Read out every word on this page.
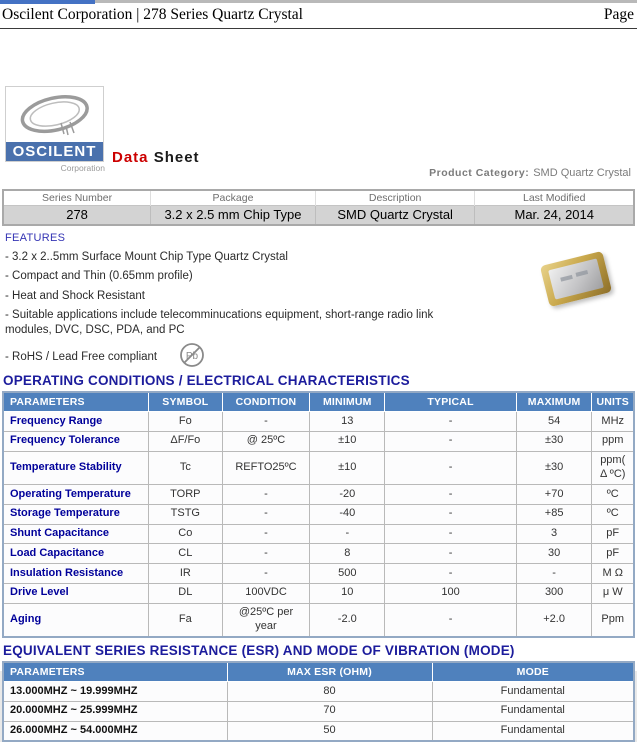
Oscilent Corporation | 278 Series Quartz Crystal	Page
OSCILENT
Corporation
Data Sheet
Product Category: SMD Quartz Crystal
Series Number	Package	Description	Last Modified
278	3.2 x 2.5 mm Chip Type	SMD Quartz Crystal	Mar. 24, 2014
FEATURES
- 3.2 x 2..5mm Surface Mount Chip Type Quartz Crystal
- Compact and Thin (0.65mm profile)
- Heat and Shock Resistant
- Suitable applications include telecomminucations equipment, short-range radio link modules, DVC, DSC, PDA, and PC
- RoHS / Lead Free compliant	Pb
OPERATING CONDITIONS / ELECTRICAL CHARACTERISTICS
PARAMETERS	SYMBOL	CONDITION	MINIMUM	TYPICAL	MAXIMUM	UNITS
Frequency Range	Fo	-	13	-	54	MHz
Frequency Tolerance	ΔF/Fo	@ 25ºC	±10	-	±30	ppm
Temperature Stability	Tc	REFTO25ºC	±10	-	±30	ppm( Δ ºC)
Operating Temperature	TORP	-	-20	-	+70	ºC
Storage Temperature	TSTG	-	-40	-	+85	ºC
Shunt Capacitance	Co	-	-	-	3	pF
Load Capacitance	CL	-	8	-	30	pF
Insulation Resistance	IR	-	500	-	-	M Ω
Drive Level	DL	100VDC	10	100	300	μ W
Aging	Fa	@25ºC per year	-2.0	-	+2.0	Ppm
EQUIVALENT SERIES RESISTANCE (ESR) AND MODE OF VIBRATION (MODE)
PARAMETERS	MAX ESR (OHM)	MODE
13.000MHZ ~ 19.999MHZ	80	Fundamental
20.000MHZ ~ 25.999MHZ	70	Fundamental
26.000MHZ ~ 54.000MHZ	50	Fundamental
